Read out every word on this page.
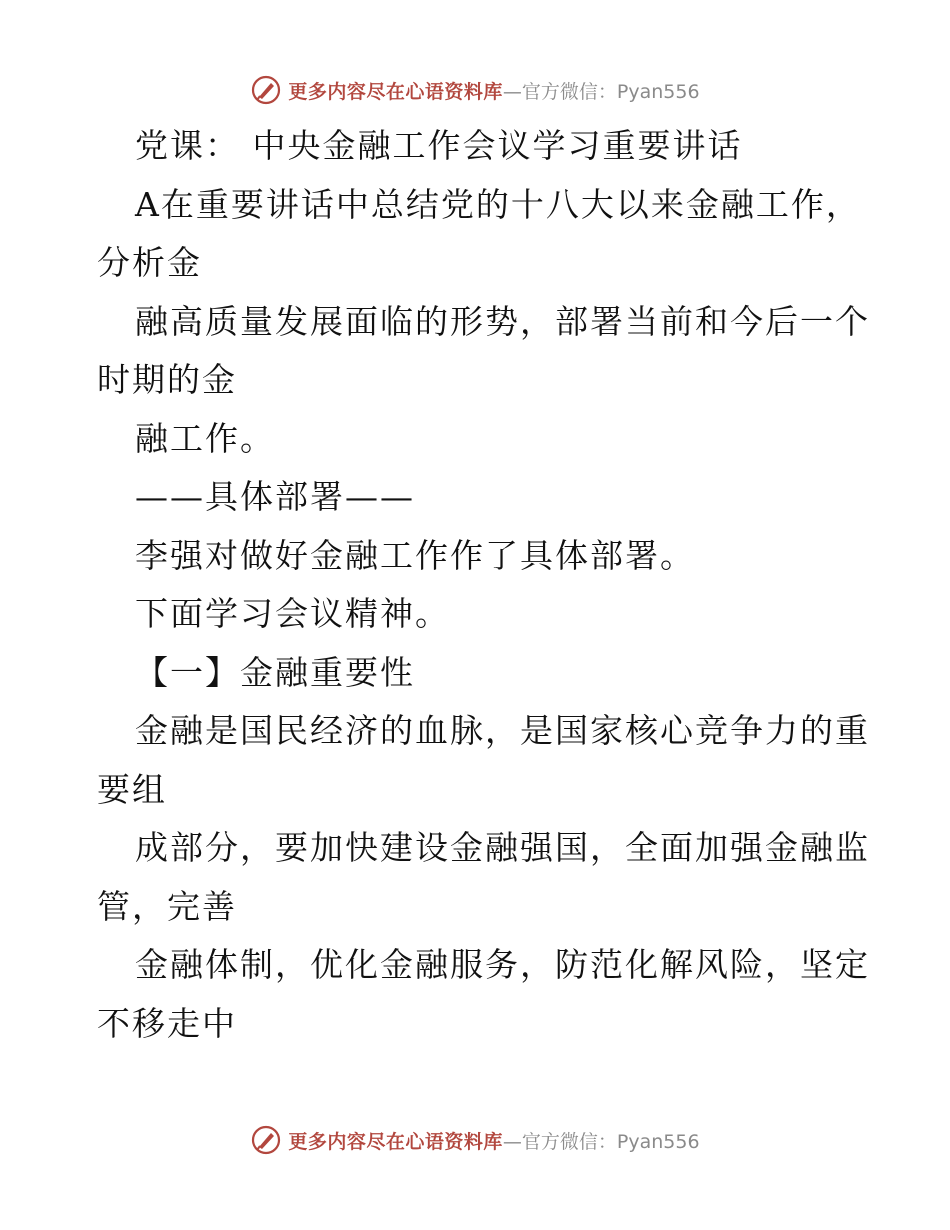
更多内容尽在心语资料库 —官方微信：Pyan556
党课： 中央金融工作会议学习重要讲话
A在重要讲话中总结党的十八大以来金融工作，
分析金
融高质量发展面临的形势，部署当前和今后一个
时期的金
融工作。
——具体部署——
李强对做好金融工作作了具体部署。
下面学习会议精神。
【一】金融重要性
金融是国民经济的血脉，是国家核心竞争力的重
要组
成部分，要加快建设金融强国，全面加强金融监
管，完善
金融体制，优化金融服务，防范化解风险，坚定
不移走中
更多内容尽在心语资料库 —官方微信：Pyan556
